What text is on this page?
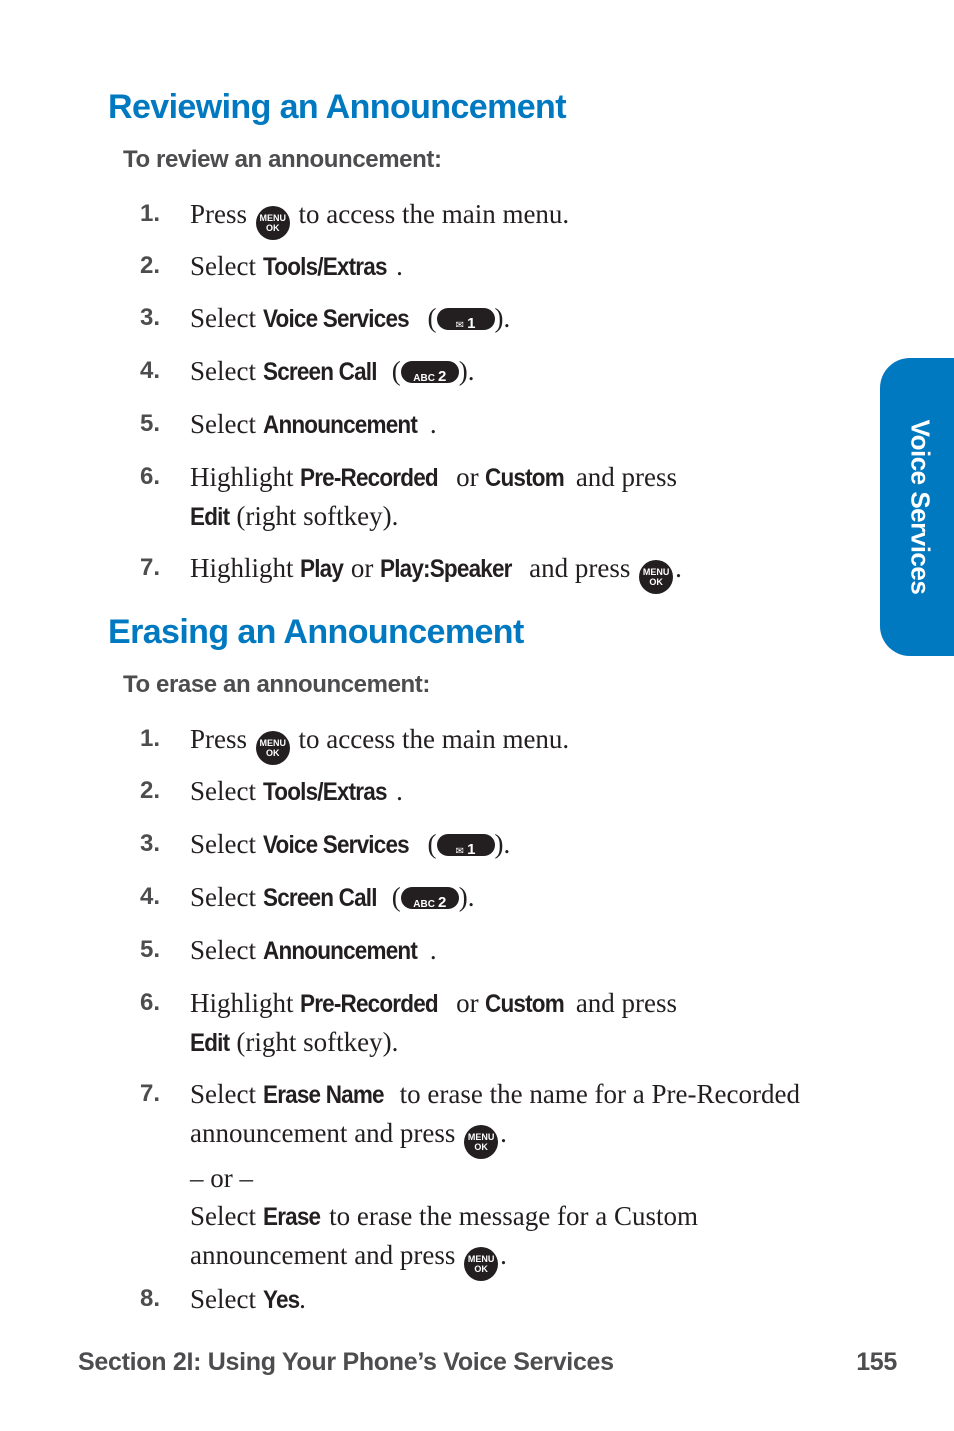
Reviewing an Announcement
To review an announcement:
1.	Press MENU
OK to access the main menu.
2.	Select Tools/Extras .
3.	Select Voice Services ( ✉ 1 ).
4.	Select Screen Call ( ABC 2 ).
5.	Select Announcement .
6.	Highlight Pre-Recorded or Custom and press
Edit (right softkey).
7.	Highlight Play or Play:Speaker and press MENU
OK .
Erasing an Announcement
To erase an announcement:
1.	Press MENU
OK to access the main menu.
2.	Select Tools/Extras .
3.	Select Voice Services ( ✉ 1 ).
4.	Select Screen Call ( ABC 2 ).
5.	Select Announcement .
6.	Highlight Pre-Recorded or Custom and press
Edit (right softkey).
7.	Select Erase Name to erase the name for a Pre-Recorded
announcement and press MENU
OK .
– or –
Select Erase to erase the message for a Custom
announcement and press MENU
OK .
8.	Select Yes.
Voice Services
Section 2I: Using Your Phone’s Voice Services	155
